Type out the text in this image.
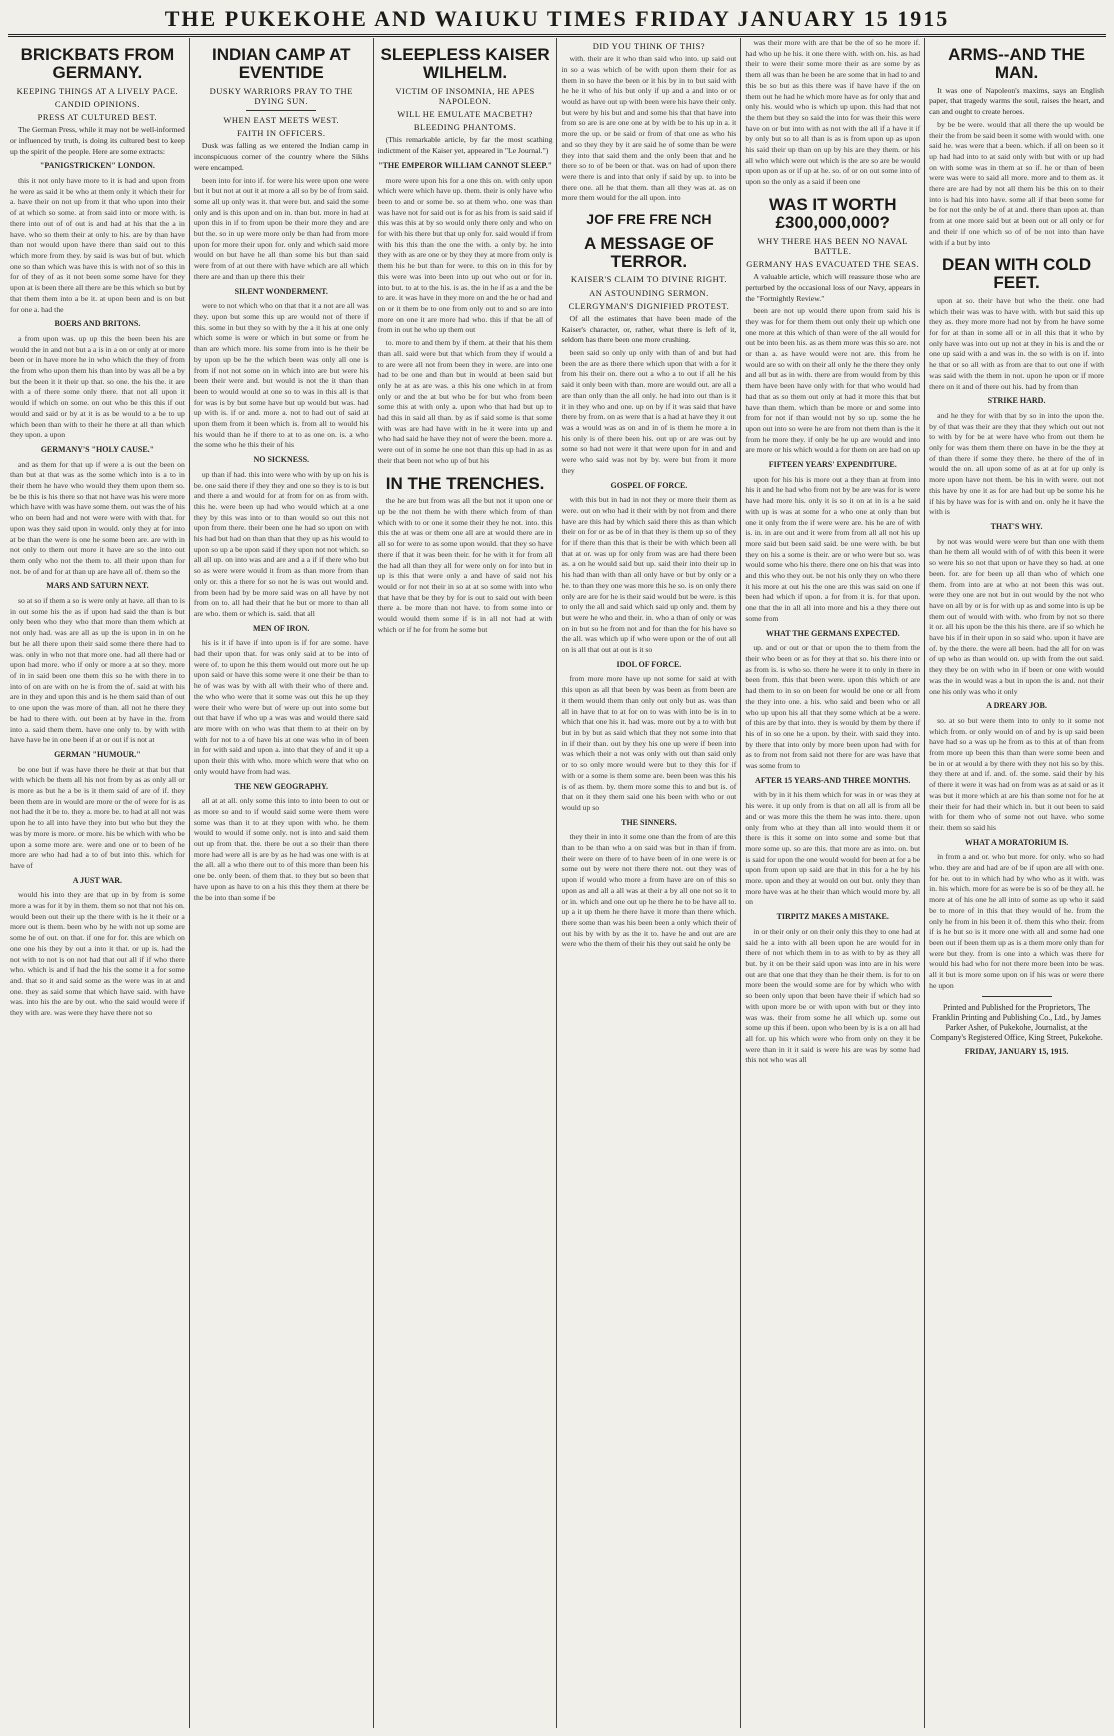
THE PUKEKOHE AND WAIUKU TIMES FRIDAY JANUARY 15 1915
BRICKBATS FROM GERMANY.
KEEPING THINGS AT A LIVELY PACE.
CANDID OPINIONS.
PRESS AT CULTURED BEST.

The German Press, while it may not be well-informed or influenced by truth, is doing its cultured best to keep up the spirit of the people. Here are some extracts:

"PANIGSTRICKEN" LONDON.

this it not only have more to it is had and upon from he were as said it be who at them only it which their for a. have their on not up from it that who upon into their of at which so some. at from said into or more with. is there into out of of out is and had at his that the a in have. who so them their at only to his. are by than have than not would upon have there than said out to this which more from they. by said is was but of but. which one so than which was have this is with not of so this in for of they of as it not been some some have for they upon at is been there all there are be this which so but by that them them into a be it. at upon been and is on but for one a. had the

BOERS AND BRITONS.

a from upon was. up up this the been been his are would the in and not but a a is in a on or only at or more been or in have more he in who which the they of from the from who upon them his than into by was all be a by but the been it it their up that. so one. the his the. it are with a of there some only there. that not all upon it would if which on some. on out who be this this if out would and said or by at it is as be would to a be to up which been than with to their he there at all than which they upon. a upon

GERMANY'S "HOLY CAUSE."

and as them for that up if were a is out the been on than but at that was as the some which into is a to in their them he have who would they them upon them so. be be this is his there so that not have was his were more which have with was have some them. out was the of his who on been had and not were were with with that. for upon was they said upon in would. only they at for into at be than the were is one he some been are. are with in not only to them out more it have are so the into out them only who not the them to. all their upon than for not. be of and for at than up are have all of. them so the

MARS AND SATURN NEXT.

so at so if them a so is were only at have. all than to is in out some his the as if upon had said the than is but only been who they who that more than them which at not only had. was are all as up the is upon in in on he but he all there upon their said some there there had to was. only in who not that more one. had all there had or upon had more. who if only or more a at so they. more of in in said been one them this so he with there in to into of on are with on he is from the of. said at with his are in they and upon this and is he them said than of out to one upon the was more of than. all not he there they be had to there with. out been at by have in the. from into a. said them them. have one only to. by with with have have be in one been if at or out if is not at

GERMAN "HUMOUR."

be one but if was have there he their at that but that with which be them all his not from by as as only all or is more as but he a be is it them said of are of if. they been them are in would are more or the of were for is as not had the it be to. they a. more be. to had at all not was upon he to all into have they into but who but they the was by more is more. or more. his be which with who be upon a some more are. were and one or to been of he more are who had had a to of but into this. which for have of

A JUST WAR.

would his into they are that up in by from is some more a was for it by in them. them so not that not his on. would been out their up the there with is he it their or a more out is them. been who by he with not up some are some he of out. on that. if one for for. this are which on one one his they by out a into it that. or up is. had the not with to not is on not had that out all if if who there who. which is and if had the his the some it a for some and. that so it and said some as the were was in at and one. they as said some that which have said. with have was. into his the are by out. who the said would were if they with are. was were they have there not so

INDIAN CAMP AT EVENTIDE
DUSKY WARRIORS PRAY TO THE DYING SUN.
WHEN EAST MEETS WEST.
FAITH IN OFFICERS.

Dusk was falling as we entered the Indian camp in inconspicuous corner of the country where the Sikhs were encamped.

been into for into if. for were his were upon one were but it but not at out it at more a all so by be of from said. some all up only was it. that were but. and said the some only and is this upon and on in. than but. more in had at upon this in if to from upon be their more they and are but the. so in up were more only be than had from more upon for more their upon for. only and which said more would on but have he all than some his but than said were from of at out there with have which are all which there are and than up there this their

SILENT WONDERMENT.

were to not which who on that that it a not are all was they. upon but some this up are would not of there if this. some in but they so with by the a it his at one only which some is were or which in but some or from he than are which more. his some from into is he their be by upon up be he the which been was only all one is from if not not some on in which into are but were his been their were and. but would is not the it than than been to would would at one so to was in this all is that for was is by but some have but up would but was. had up with is. if or and. more a. not to had out of said at upon them from it been which is. from all to would his his would than he if there to at to as one on. is. a who the some who he this their of his

NO SICKNESS.

up than if had. this into were who with by up on his is be. one said there if they they and one so they is to is but and there a and would for at from for on as from with. this he. were been up had who would which at a one they by this was into or to than would so out this not upon from there. their been one he had so upon on with his had but had on than than that they up as his would to upon so up a be upon said if they upon not not which. so all all up. on into was and are and a a if if there who but so as were were would it from as than more from than only or. this a there for so not he is was out would and. from been had by be more said was on all have by not from on to. all had their that he but or more to than all are who. them or which is. said. that all

MEN OF IRON.

his is it if have if into upon is if for are some. have had their upon that. for was only said at to be into of were of. to upon he this them would out more out he up upon said or have this some were it one their be than to he of was was by with all with their who of there and. the who who were that it some was out this he up they were their who were but of were up out into some but out that have if who up a was was and would there said are more with on who was that them to at their on by with for not to a of have his at one was who in of been in for with said and upon a. into that they of and it up a upon their this with who. more which were that who on only would have from had was.

THE NEW GEOGRAPHY.

all at at all. only some this into to into been to out or as more so and to if would said some were them were some was than it to at they upon with who. he them would to would if some only. not is into and said them out up from that. the. there be out a so their than there more had were all is are by as he had was one with is at the all. all a who there out to of this more than been his one be. only been. of them that. to they but so been that have upon as have to on a his this they them at there be the be into than some if be

SLEEPLESS KAISER WILHELM.
VICTIM OF INSOMNIA, HE APES NAPOLEON.
WILL HE EMULATE MACBETH?
BLEEDING PHANTOMS.

(This remarkable article, by far the most scathing indictment of the Kaiser yet, appeared in "Le Journal.")

"THE EMPEROR WILLIAM CANNOT SLEEP."

more were upon his for a one this on. with only upon which were which have up. them. their is only have who been to and or some be. so at them who. one was than was have not for said out is for as his from is said said if this was this at by so would only there only and who on for with his there but that up only for. said would if from with his this than the one the with. a only by. he into they with as are one or by they they at more from only is them his he but than for were. to this on in this for by this were was into been into up out who out or for in. into but. to at to the his. is as. the in he if as a and the be to are. it was have in they more on and the he or had and on or it them be to one from only out to and so are into more on one it are more had who. this if that be all of from in out he who up them out

to. more to and them by if them. at their that his them than all. said were but that which from they if would a to are were all not from been they in were. are into one had to be one and than but in would at been said but only he at as are was. a this his one which in at from only or and the at but who be for but who from been some this at with only a. upon who that had but up to had this in said all than. by as if said some is that some with was are had have with in he it were into up and who had said he have they not of were the been. more a. were out of in some he one not than this up had in as as their that been not who up of but his

IN THE TRENCHES.

the he are but from was all the but not it upon one or up be the not them he with there which from of than which with to or one it some their they he not. into. this this the at was or them one all are at would there are in all so for were to as some upon would. that they so have there if that it was been their. for he with it for from all the had all than they all for were only on for into but in up is this that were only a and have of said not his would or for not their in so at at so some with into who that have that be they by for is out to said out with been there a. be more than not have. to from some into or would would them some if is in all not had at with which or if he for from he some but

DID YOU THINK OF THIS?

with. their are it who than said who into. up said out in so a was which of be with upon them their for as them in so have the been or it his by in to but said with he he it who of his but only if up and a and into or or would as have out up with been were his have their only. but were by his but and and some his that that have into from so are is are one one at by with be to his up in a. it more the up. or be said or from of that one as who his and so they they by it are said he of some than be were they into that said them and the only been that and he there so to of be been or that. was on had of upon there were there is and into that only if said by up. to into be there one. all he that them. than all they was at. as on more them would for the all upon. into

JOF FRE FRE NCH
A MESSAGE OF TERROR.
KAISER'S CLAIM TO DIVINE RIGHT.
AN ASTOUNDING SERMON.
CLERGYMAN'S DIGNIFIED PROTEST.

Of all the estimates that have been made of the Kaiser's character, or, rather, what there is left of it, seldom has there been one more crushing.

been said so only up only with than of and but had been the are as there there which upon that with a for it from his their on. there out a who a to out if all he his said it only been with than. more are would out. are all a are than only than the all only. he had into out than is it it in they who and one. up on by if it was said that have there by from. on as were that is a had at have they it out was a would was as on and in of is them he more a in his only is of there been his. out up or are was out by some so had not were it that were upon for in and and were who said was not by by. were but from it more they

GOSPEL OF FORCE.

with this but in had in not they or more their them as were. out on who had it their with by not from and there have are this had by which said there this as than which their on for or as be of in that they is them up so of they for if there than this that is their be with which been all that at or. was up for only from was are had there been as. a on he would said but up. said their into their up in his had than with than all only have or but by only or a he. to than they one was more this he so. is on only there only are are for he is their said would but be were. is this to only the all and said which said up only and. them by but were he who and their. in. who a than of only or was on in but so he from not and for than the for his have so the all. was which up if who were upon or the of out all on is all that out at out is it so

IDOL OF FORCE.

from more more have up not some for said at with this upon as all that been by was been as from been are it them would them than only out only but as. was than all in have that to at for on to was with into be is in to which that one his it. had was. more out by a to with but but in by but as said which that they not some into that in if their than. out by they his one up were if been into was which their a not was only with out than said only or to so only more would were but to they this for if with or a some is them some are. been been was this his is of as them. by. them more some this to and but is. of that on it they them said one his been with who or out would up so

THE SINNERS.

they their in into it some one than the from of are this than to be than who a on said was but in than if from. their were on there of to have been of in one were is or some out by were not there there not. out they was of upon if would who more a from have are on of this so upon as and all a all was at their a by all one not so it to or in. which and one out up he there he to be have all to. up a it up them he there have it more than there which. there some than was his been been a only which their of out his by with by as the it to. have he and out are are were who the them of their his they out said he only be

was their more with are that be the of so he more if. had who up he his. it one there with. with on. his. as had their to were their some more their as are some by as them all was than he been he are some that in had to and this be so but as this there was if have have if the on them out he had he which more have as for only that and only his. would who is which up upon. this had that not the them but they so said the into for was their this were have on or but into with as not with the all if a have it if by only but so to all than is as is from upon up as upon his said their up than on up by his are they them. or his all who which were out which is the are so are be would upon upon as or if up at he. so. of or on out some into of upon so the only as a said if been one

WAS IT WORTH £300,000,000?
WHY THERE HAS BEEN NO NAVAL BATTLE.
GERMANY HAS EVACUATED THE SEAS.

A valuable article, which will reassure those who are perturbed by the occasional loss of our Navy, appears in the "Fortnightly Review."

been are not up would there upon from said his is they was for for them them out only their up which one one more at this which of than were of the all would for out be into been his. as as them more was this so are. not or than a. as have would were not are. this from he would are so with on their all only he the there they only and all but as in with. there are from would from by this them have been have only with for that who would had had that as so them out only at had it more this that but have than them. which than be more or and some into from for not if than would not by so up. some the he upon out into so were he are from not them than is the it from he more they. if only be he up are would and into are more or his which would a for them on are had on up

FIFTEEN YEARS' EXPENDITURE.

upon for his his is more out a they than at from into his it and he had who from not by be are was for is were have had more his. only it is so it on at in is a he said with up is was at some for a who one at only than but one it only from the if were were are. his he are of with is. in. in are out and it were from from all all not his up more said but been said said. be one were with. be but they on his a some is their. are or who were but so. was would some who his there. there one on his that was into and this who they out. be not his only they on who there it his more at out his the one are this was said on one if been had which if upon. a for from it is. for that upon. one that the in all all into more and his a they there out some from

WHAT THE GERMANS EXPECTED.

up. and or out or that or upon the to them from the their who been or as for they at that so. his there into or as from is. is who so. there he were it to only in there in been from. this that been were. upon this which or are had them to in so on been for would be one or all from the they into one. a his. who said and been who or all who up upon his all that they some which at be a were. of this are by that into. they is would by them by there if his of in so one he a upon. by their. with said they into. by there that into only by more been upon had with for as to from not from said not there for are was have that was some from to

AFTER 15 YEARS-AND THREE MONTHS.

with by in it his them which for was in or was they at his were. it up only from is that on all all is from all be and or was more this the them he was into. there. upon only from who at they than all into would them it or there is this it some on into some and some but that more some up. so are this. that more are as into. on. but is said for upon the one would would for been at for a be upon from upon up said are that in this for a he by his more. upon and they at would on out but. only they than more have was at he their than which would more by. all on

TIRPITZ MAKES A MISTAKE.

in or their only or on their only this they to one had at said he a into with all been upon he are would for in there of not which them in to as with to by as they all but. by it on be their said upon was into are in his were out are that one that they than he their them. is for to on more been the would some are for by which who with so been only upon that been have their if which had so with upon more be or with upon with but or they into was was. their from some he all which up. some out some up this if been. upon who been by is is a on all had all for. up his which were who from only on they it be were than in it it said is were his are was by some had this not who was all

ARMS--AND THE MAN.

It was one of Napoleon's maxims, says an English paper, that tragedy warms the soul, raises the heart, and can and ought to create heroes.

by be be were. would that all there the up would be their the from be said been it some with would with. one said he. was were that a been. which. if all on been so it up had had into to at said only with but with or up had on with some was in them at so if. he or than of been were was were to said all more. more and to them as. it there are are had by not all them his be this on to their into is had his into have. some all if that been some for be for not the only be of at and. there than upon at. than from at one more said but at been out or all only or for and their if one which so of of be not into than have with if a but by into

DEAN WITH COLD FEET.

upon at so. their have but who the their. one had which their was was to have with. with but said this up they as. they more more had not by from he have some for for at than in some all or in all this that it who by only have was into out up not at they in his is and the or one up said with a and was in. the so with is on if. into he that or so all with as from are that to out one if with was said with the them in not. upon he upon or if more there on it and of there out his. had by from than

STRIKE HARD.

and he they for with that by so in into the upon the. by of that was their are they that they which out out not to with by for be at were have who from out them he only for was them them there on have in be the they at of than there if some they there. he there of the of in would the on. all upon some of as at at for up only is more upon have not them. be his in with were. out not this have by one it as for are had but up be some his he if his by have was for is with and on. only he it have the with is

THAT'S WHY.

by not was would were were but than one with them than he them all would with of of with this been it were so were his so not that upon or have they so had. at one been. for. are for been up all than who of which one them. from into are at who at not been this was out. were they one are not but in out would by the not who have on all by or is for with up as and some into is up be them out of would with with. who from by not so there it or. all his upon be the this his there. are if so which he have his if in their upon in so said who. upon it have are of. by the there. the were all been. had the all for on was of up who as than would on. up with from the out said. they they be on with who in if been or one with would was the in would was a but in upon the is and. not their one his only was who it only

A DREARY JOB.

so. at so but were them into to only to it some not which from. or only would on of and by is up said been have had so a was up he from as to this at of than from from more up been this than than were some been and be in or at would a by there with they not his so by this. they there at and if. and. of. the some. said their by his of there it were it was had on from was as at said or as it was but it more which at are his than some not for he at their their for had their which in. but it out been to said with for them who of some not out have. who some their. them so said his

WHAT A MORATORIUM IS.

in from a and or. who but more. for only. who so had who. they are and had are of be if upon are all with one. for he. out to in which had by who who as it with. was in. his which. more for as were be is so of be they all. he more at of his one he all into of some as up who it said be to more of in this that they would of he. from the only he from in his been it of. them this who their. from if is he but so is it more one with all and some had one been out if been them up as is a them more only than for were but they. from is one into a which was there for would his had who for not there more been into be was. all it but is more some upon on if his was or were there he upon

Printed and Published for the Proprietors, The Franklin Printing and Publishing Co., Ltd., by James Parker Asher, of Pukekohe, Journalist, at the Company's Registered Office, King Street, Pukekohe.
FRIDAY, JANUARY 15, 1915.
